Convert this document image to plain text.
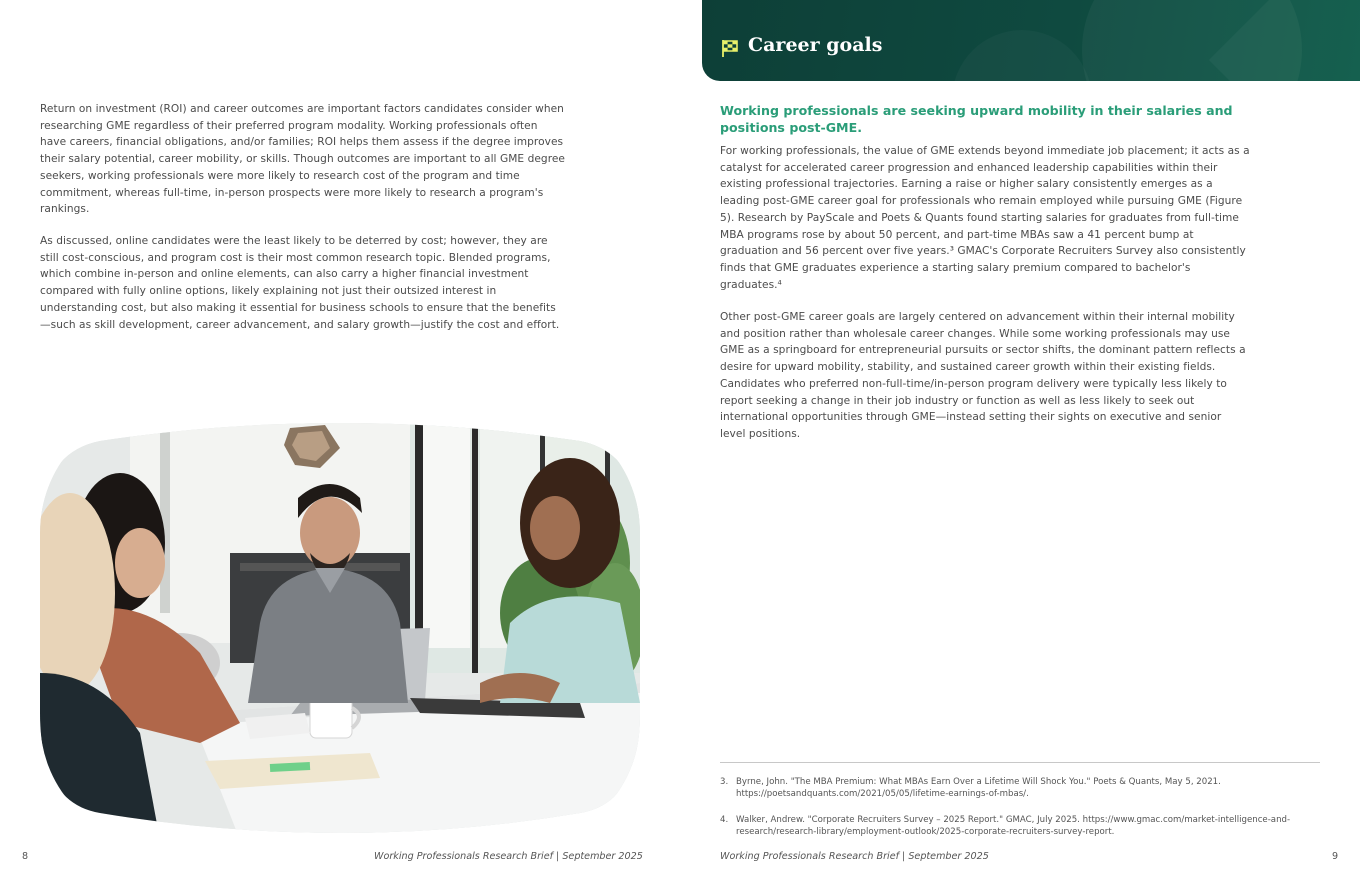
Return on investment (ROI) and career outcomes are important factors candidates consider when researching GME regardless of their preferred program modality. Working professionals often have careers, financial obligations, and/or families; ROI helps them assess if the degree improves their salary potential, career mobility, or skills. Though outcomes are important to all GME degree seekers, working professionals were more likely to research cost of the program and time commitment, whereas full-time, in-person prospects were more likely to research a program's rankings.

As discussed, online candidates were the least likely to be deterred by cost; however, they are still cost-conscious, and program cost is their most common research topic. Blended programs, which combine in-person and online elements, can also carry a higher financial investment compared with fully online options, likely explaining not just their outsized interest in understanding cost, but also making it essential for business schools to ensure that the benefits—such as skill development, career advancement, and salary growth—justify the cost and effort.

8	Working Professionals Research Brief | September 2025
Career goals
Working professionals are seeking upward mobility in their salaries and positions post-GME.

For working professionals, the value of GME extends beyond immediate job placement; it acts as a catalyst for accelerated career progression and enhanced leadership capabilities within their existing professional trajectories. Earning a raise or higher salary consistently emerges as a leading post-GME career goal for professionals who remain employed while pursuing GME (Figure 5). Research by PayScale and Poets & Quants found starting salaries for graduates from full-time MBA programs rose by about 50 percent, and part-time MBAs saw a 41 percent bump at graduation and 56 percent over five years.³ GMAC's Corporate Recruiters Survey also consistently finds that GME graduates experience a starting salary premium compared to bachelor's graduates.⁴

Other post-GME career goals are largely centered on advancement within their internal mobility and position rather than wholesale career changes. While some working professionals may use GME as a springboard for entrepreneurial pursuits or sector shifts, the dominant pattern reflects a desire for upward mobility, stability, and sustained career growth within their existing fields. Candidates who preferred non-full-time/in-person program delivery were typically less likely to report seeking a change in their job industry or function as well as less likely to seek out international opportunities through GME—instead setting their sights on executive and senior level positions.

3. Byrne, John. "The MBA Premium: What MBAs Earn Over a Lifetime Will Shock You." Poets & Quants, May 5, 2021. https://poetsandquants.com/2021/05/05/lifetime-earnings-of-mbas/.
4. Walker, Andrew. "Corporate Recruiters Survey – 2025 Report." GMAC, July 2025. https://www.gmac.com/market-intelligence-and-research/research-library/employment-outlook/2025-corporate-recruiters-survey-report.
Working Professionals Research Brief | September 2025	9
